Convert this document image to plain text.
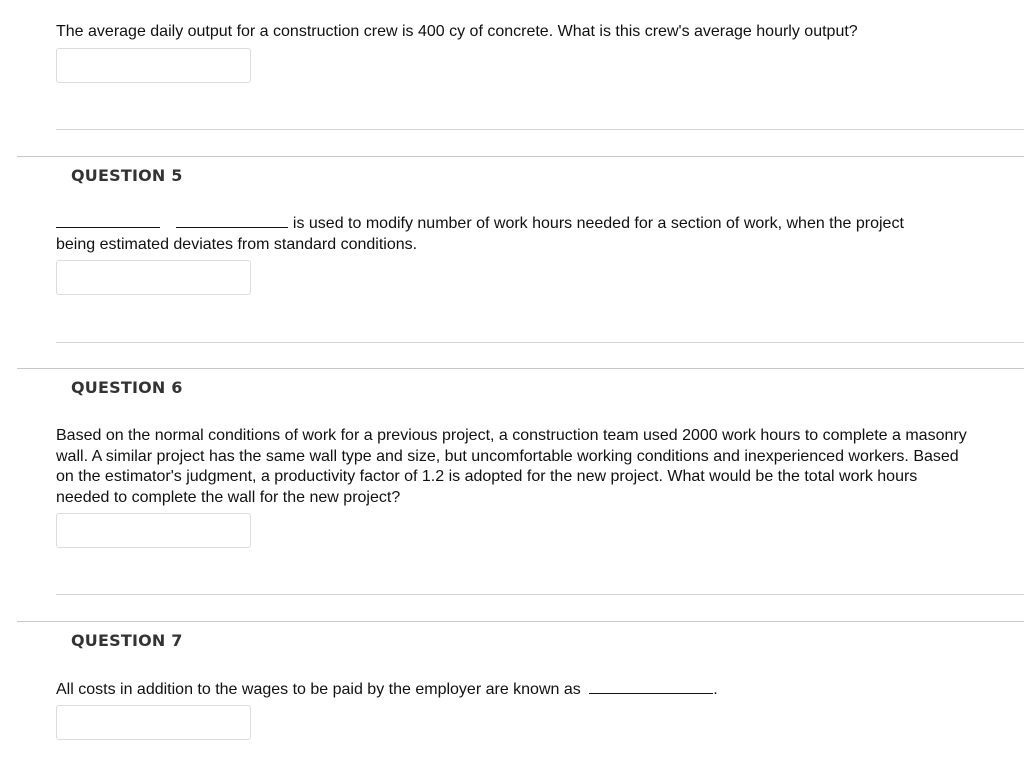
The average daily output for a construction crew is 400 cy of concrete. What is this crew's average hourly output?

QUESTION 5
is used to modify number of work hours needed for a section of work, when the project
being estimated deviates from standard conditions.
QUESTION 6

Based on the normal conditions of work for a previous project, a construction team used 2000 work hours to complete a masonry wall. A similar project has the same wall type and size, but uncomfortable working conditions and inexperienced workers. Based on the estimator's judgment, a productivity factor of 1.2 is adopted for the new project. What would be the total work hours needed to complete the wall for the new project?

QUESTION 7
All costs in addition to the wages to be paid by the employer are known as	.
